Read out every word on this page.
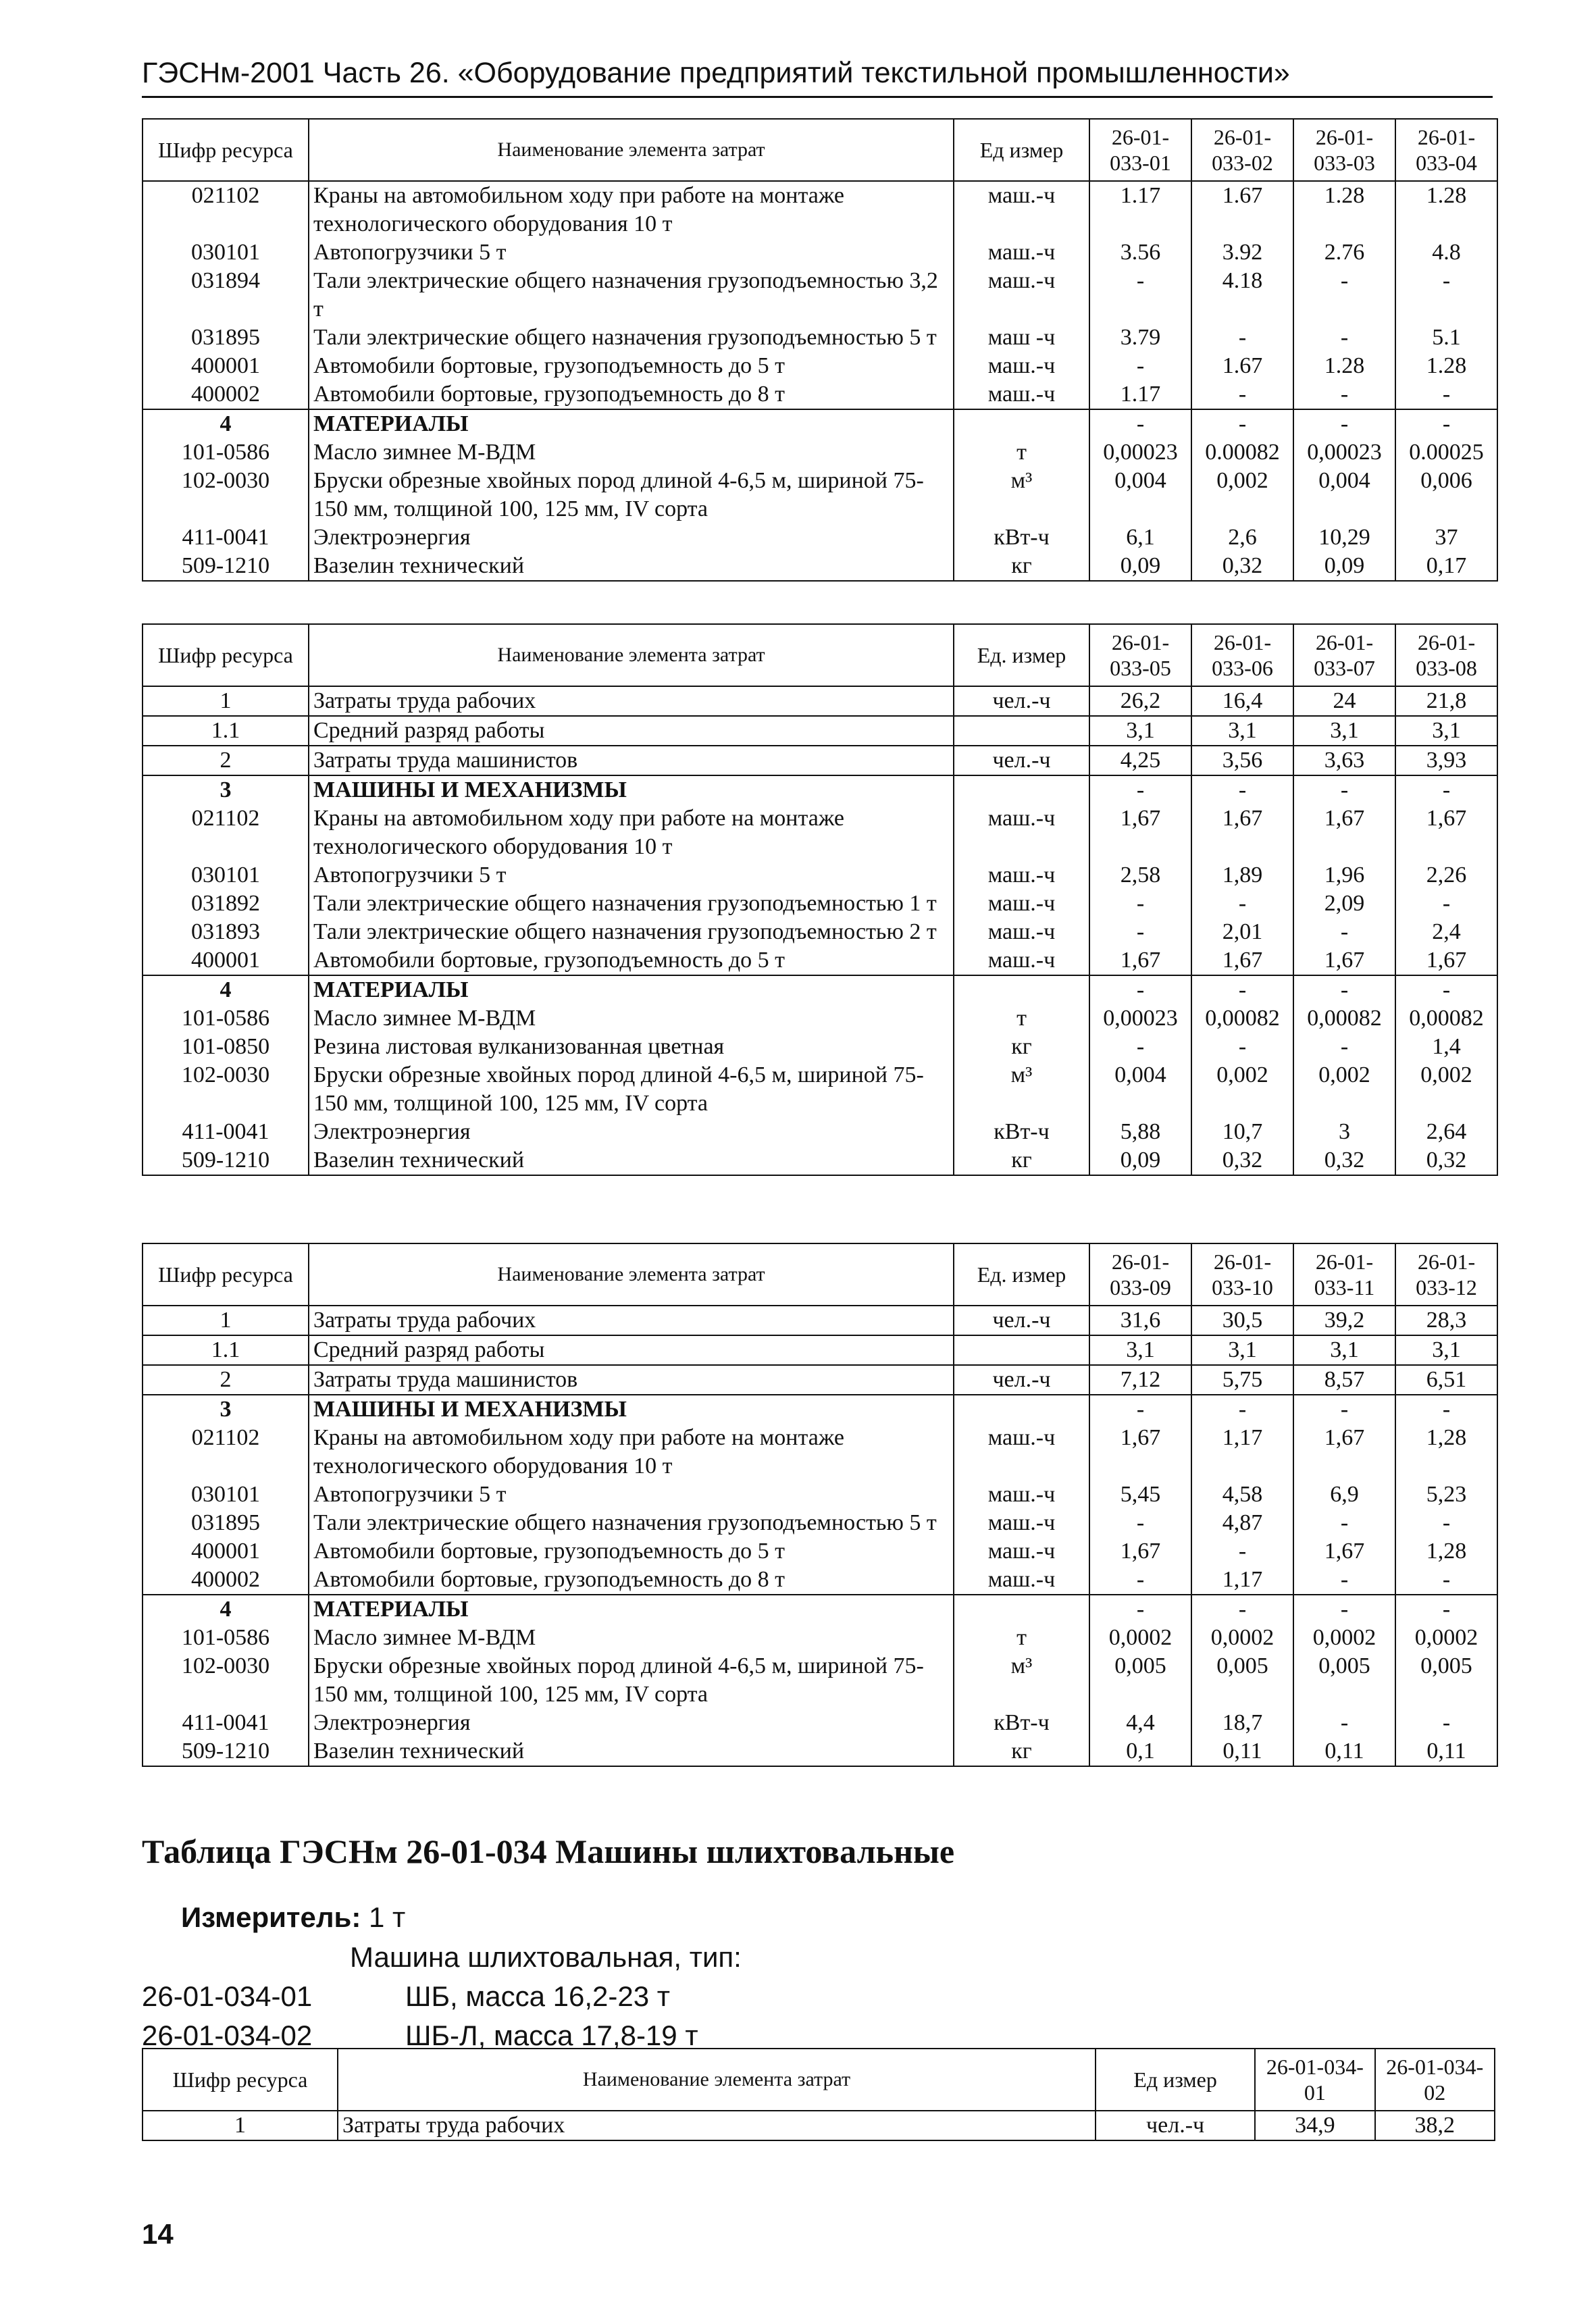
ГЭСНм-2001 Часть 26. «Оборудование предприятий текстильной промышленности»
Шифр ресурса	Наименование элемента затрат	Ед измер	26-01-033-01	26-01-033-02	26-01-033-03	26-01-033-04
021102	Краны на автомобильном ходу при работе на монтаже технологического оборудования 10 т	маш.-ч	1.17	1.67	1.28	1.28
030101	Автопогрузчики 5 т	маш.-ч	3.56	3.92	2.76	4.8
031894	Тали электрические общего назначения грузоподъемностью 3,2 т	маш.-ч	-	4.18	-	-
031895	Тали электрические общего назначения грузоподъемностью 5 т	маш -ч	3.79	-	-	5.1
400001	Автомобили бортовые, грузоподъемность до 5 т	маш.-ч	-	1.67	1.28	1.28
400002	Автомобили бортовые, грузоподъемность до 8 т	маш.-ч	1.17	-	-	-
4	МАТЕРИАЛЫ		-	-	-	-
101-0586	Масло зимнее М-ВДМ	т	0,00023	0.00082	0,00023	0.00025
102-0030	Бруски обрезные хвойных пород длиной 4-6,5 м, шириной 75-150 мм, толщиной 100, 125 мм, IV сорта	м³	0,004	0,002	0,004	0,006
411-0041	Электроэнергия	кВт-ч	6,1	2,6	10,29	37
509-1210	Вазелин технический	кг	0,09	0,32	0,09	0,17
Шифр ресурса	Наименование элемента затрат	Ед. измер	26-01-033-05	26-01-033-06	26-01-033-07	26-01-033-08
1	Затраты труда рабочих	чел.-ч	26,2	16,4	24	21,8
1.1	Средний разряд работы		3,1	3,1	3,1	3,1
2	Затраты труда машинистов	чел.-ч	4,25	3,56	3,63	3,93
3	МАШИНЫ И МЕХАНИЗМЫ		-	-	-	-
021102	Краны на автомобильном ходу при работе на монтаже технологического оборудования 10 т	маш.-ч	1,67	1,67	1,67	1,67
030101	Автопогрузчики 5 т	маш.-ч	2,58	1,89	1,96	2,26
031892	Тали электрические общего назначения грузоподъемностью 1 т	маш.-ч	-	-	2,09	-
031893	Тали электрические общего назначения грузоподъемностью 2 т	маш.-ч	-	2,01	-	2,4
400001	Автомобили бортовые, грузоподъемность до 5 т	маш.-ч	1,67	1,67	1,67	1,67
4	МАТЕРИАЛЫ		-	-	-	-
101-0586	Масло зимнее М-ВДМ	т	0,00023	0,00082	0,00082	0,00082
101-0850	Резина листовая вулканизованная цветная	кг	-	-	-	1,4
102-0030	Бруски обрезные хвойных пород длиной 4-6,5 м, шириной 75-150 мм, толщиной 100, 125 мм, IV сорта	м³	0,004	0,002	0,002	0,002
411-0041	Электроэнергия	кВт-ч	5,88	10,7	3	2,64
509-1210	Вазелин технический	кг	0,09	0,32	0,32	0,32
Шифр ресурса	Наименование элемента затрат	Ед. измер	26-01-033-09	26-01-033-10	26-01-033-11	26-01-033-12
1	Затраты труда рабочих	чел.-ч	31,6	30,5	39,2	28,3
1.1	Средний разряд работы		3,1	3,1	3,1	3,1
2	Затраты труда машинистов	чел.-ч	7,12	5,75	8,57	6,51
3	МАШИНЫ И МЕХАНИЗМЫ		-	-	-	-
021102	Краны на автомобильном ходу при работе на монтаже технологического оборудования 10 т	маш.-ч	1,67	1,17	1,67	1,28
030101	Автопогрузчики 5 т	маш.-ч	5,45	4,58	6,9	5,23
031895	Тали электрические общего назначения грузоподъемностью 5 т	маш.-ч	-	4,87	-	-
400001	Автомобили бортовые, грузоподъемность до 5 т	маш.-ч	1,67	-	1,67	1,28
400002	Автомобили бортовые, грузоподъемность до 8 т	маш.-ч	-	1,17	-	-
4	МАТЕРИАЛЫ		-	-	-	-
101-0586	Масло зимнее М-ВДМ	т	0,0002	0,0002	0,0002	0,0002
102-0030	Бруски обрезные хвойных пород длиной 4-6,5 м, шириной 75-150 мм, толщиной 100, 125 мм, IV сорта	м³	0,005	0,005	0,005	0,005
411-0041	Электроэнергия	кВт-ч	4,4	18,7	-	-
509-1210	Вазелин технический	кг	0,1	0,11	0,11	0,11
Таблица ГЭСНм 26-01-034 Машины шлихтовальные
Измеритель: 1 т
Машина шлихтовальная, тип:
26-01-034-01	ШБ, масса 16,2-23 т
26-01-034-02	ШБ-Л, масса 17,8-19 т
Шифр ресурса	Наименование элемента затрат	Ед измер	26-01-034-01	26-01-034-02
1	Затраты труда рабочих	чел.-ч	34,9	38,2
14
